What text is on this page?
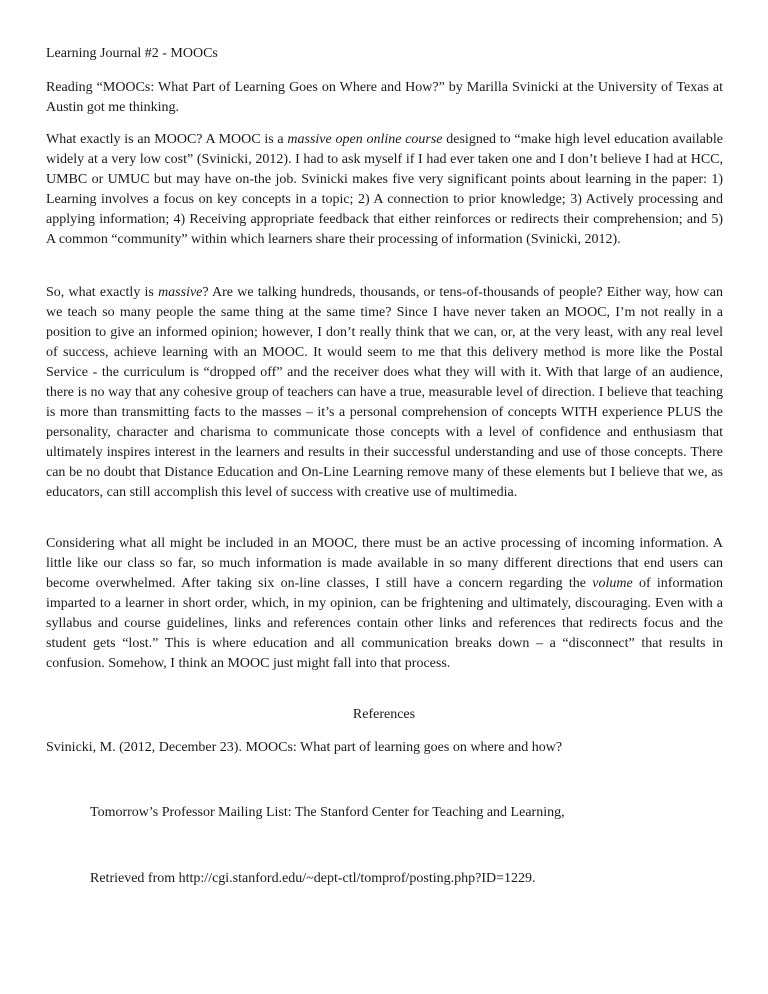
Learning Journal #2 - MOOCs

Reading “MOOCs: What Part of Learning Goes on Where and How?” by Marilla Svinicki at the University of Texas at Austin got me thinking.

What exactly is an MOOC? A MOOC is a massive open online course designed to “make high level education available widely at a very low cost” (Svinicki, 2012). I had to ask myself if I had ever taken one and I don’t believe I had at HCC, UMBC or UMUC but may have on-the job. Svinicki makes five very significant points about learning in the paper: 1) Learning involves a focus on key concepts in a topic; 2) A connection to prior knowledge; 3) Actively processing and applying information; 4) Receiving appropriate feedback that either reinforces or redirects their comprehension; and 5) A common “community” within which learners share their processing of information (Svinicki, 2012).

So, what exactly is massive? Are we talking hundreds, thousands, or tens-of-thousands of people? Either way, how can we teach so many people the same thing at the same time? Since I have never taken an MOOC, I’m not really in a position to give an informed opinion; however, I don’t really think that we can, or, at the very least, with any real level of success, achieve learning with an MOOC. It would seem to me that this delivery method is more like the Postal Service - the curriculum is “dropped off” and the receiver does what they will with it. With that large of an audience, there is no way that any cohesive group of teachers can have a true, measurable level of direction. I believe that teaching is more than transmitting facts to the masses – it’s a personal comprehension of concepts WITH experience PLUS the personality, character and charisma to communicate those concepts with a level of confidence and enthusiasm that ultimately inspires interest in the learners and results in their successful understanding and use of those concepts. There can be no doubt that Distance Education and On-Line Learning remove many of these elements but I believe that we, as educators, can still accomplish this level of success with creative use of multimedia.

Considering what all might be included in an MOOC, there must be an active processing of incoming information. A little like our class so far, so much information is made available in so many different directions that end users can become overwhelmed. After taking six on-line classes, I still have a concern regarding the volume of information imparted to a learner in short order, which, in my opinion, can be frightening and ultimately, discouraging. Even with a syllabus and course guidelines, links and references contain other links and references that redirects focus and the student gets “lost.” This is where education and all communication breaks down – a “disconnect” that results in confusion. Somehow, I think an MOOC just might fall into that process.

References

Svinicki, M. (2012, December 23). MOOCs: What part of learning goes on where and how?

Tomorrow’s Professor Mailing List: The Stanford Center for Teaching and Learning,

Retrieved from http://cgi.stanford.edu/~dept-ctl/tomprof/posting.php?ID=1229.
